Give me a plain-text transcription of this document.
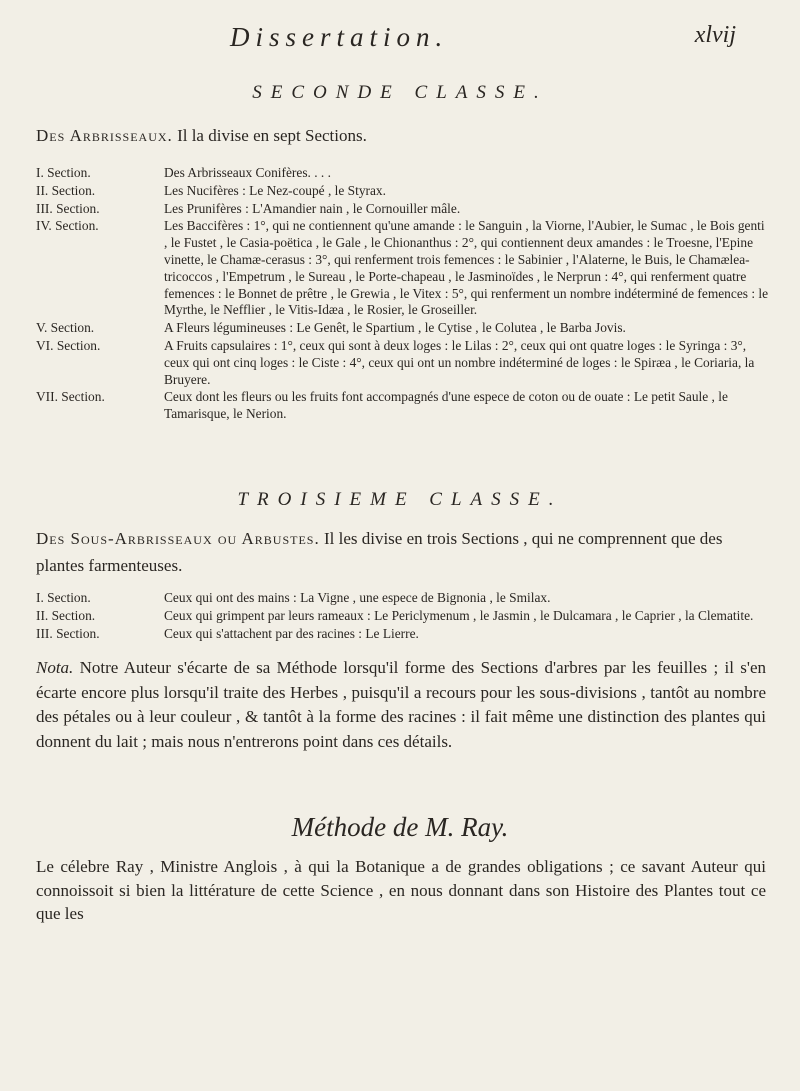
Dissertation.	xlvij
SECONDE CLASSE.
Des Arbrisseaux. Il la divise en sept Sections.
I. Section.	Des Arbrisseaux Conifères. . . .
II. Section.	Les Nucifères : Le Nez-coupé , le Styrax.
III. Section.	Les Prunifères : L'Amandier nain , le Cornouiller mâle.
IV. Section.	Les Baccifères : 1°, qui ne contiennent qu'une amande : le Sanguin , la Viorne, l'Aubier, le Sumac , le Bois genti , le Fustet , le Casia-poëtica , le Gale , le Chionanthus : 2°, qui contiennent deux amandes : le Troesne, l'Epine vinette, le Chamæ-cerasus : 3°, qui renferment trois femences : le Sabinier , l'Alaterne, le Buis, le Chamælea-tricoccos , l'Empetrum , le Sureau , le Porte-chapeau , le Jasminoïdes , le Nerprun : 4°, qui renferment quatre femences : le Bonnet de prêtre , le Grewia , le Vitex : 5°, qui renferment un nombre indéterminé de femences : le Myrthe, le Nefflier , le Vitis-Idæa , le Rosier, le Groseiller.
V. Section.	A Fleurs légumineuses : Le Genêt, le Spartium , le Cytise , le Colutea , le Barba Jovis.
VI. Section.	A Fruits capsulaires : 1°, ceux qui sont à deux loges : le Lilas : 2°, ceux qui ont quatre loges : le Syringa : 3°, ceux qui ont cinq loges : le Ciste : 4°, ceux qui ont un nombre indéterminé de loges : le Spiræa , le Coriaria, la Bruyere.
VII. Section.	Ceux dont les fleurs ou les fruits font accompagnés d'une espece de coton ou de ouate : Le petit Saule , le Tamarisque, le Nerion.
TROISIEME CLASSE.
Des Sous-Arbrisseaux ou Arbustes. Il les divise en trois Sections , qui ne comprennent que des plantes farmenteuses.
I. Section.	Ceux qui ont des mains : La Vigne , une espece de Bignonia , le Smilax.
II. Section.	Ceux qui grimpent par leurs rameaux : Le Periclymenum , le Jasmin , le Dulcamara , le Caprier , la Clematite.
III. Section.	Ceux qui s'attachent par des racines : Le Lierre.
Nota. Notre Auteur s'écarte de sa Méthode lorsqu'il forme des Sections d'arbres par les feuilles ; il s'en écarte encore plus lorsqu'il traite des Herbes , puisqu'il a recours pour les sous-divisions , tantôt au nombre des pétales ou à leur couleur , & tantôt à la forme des racines : il fait même une distinction des plantes qui donnent du lait ; mais nous n'entrerons point dans ces détails.
Méthode de M. Ray.
Le célebre Ray , Ministre Anglois , à qui la Botanique a de grandes obligations ; ce savant Auteur qui connoissoit si bien la littérature de cette Science , en nous donnant dans son Histoire des Plantes tout ce que les
